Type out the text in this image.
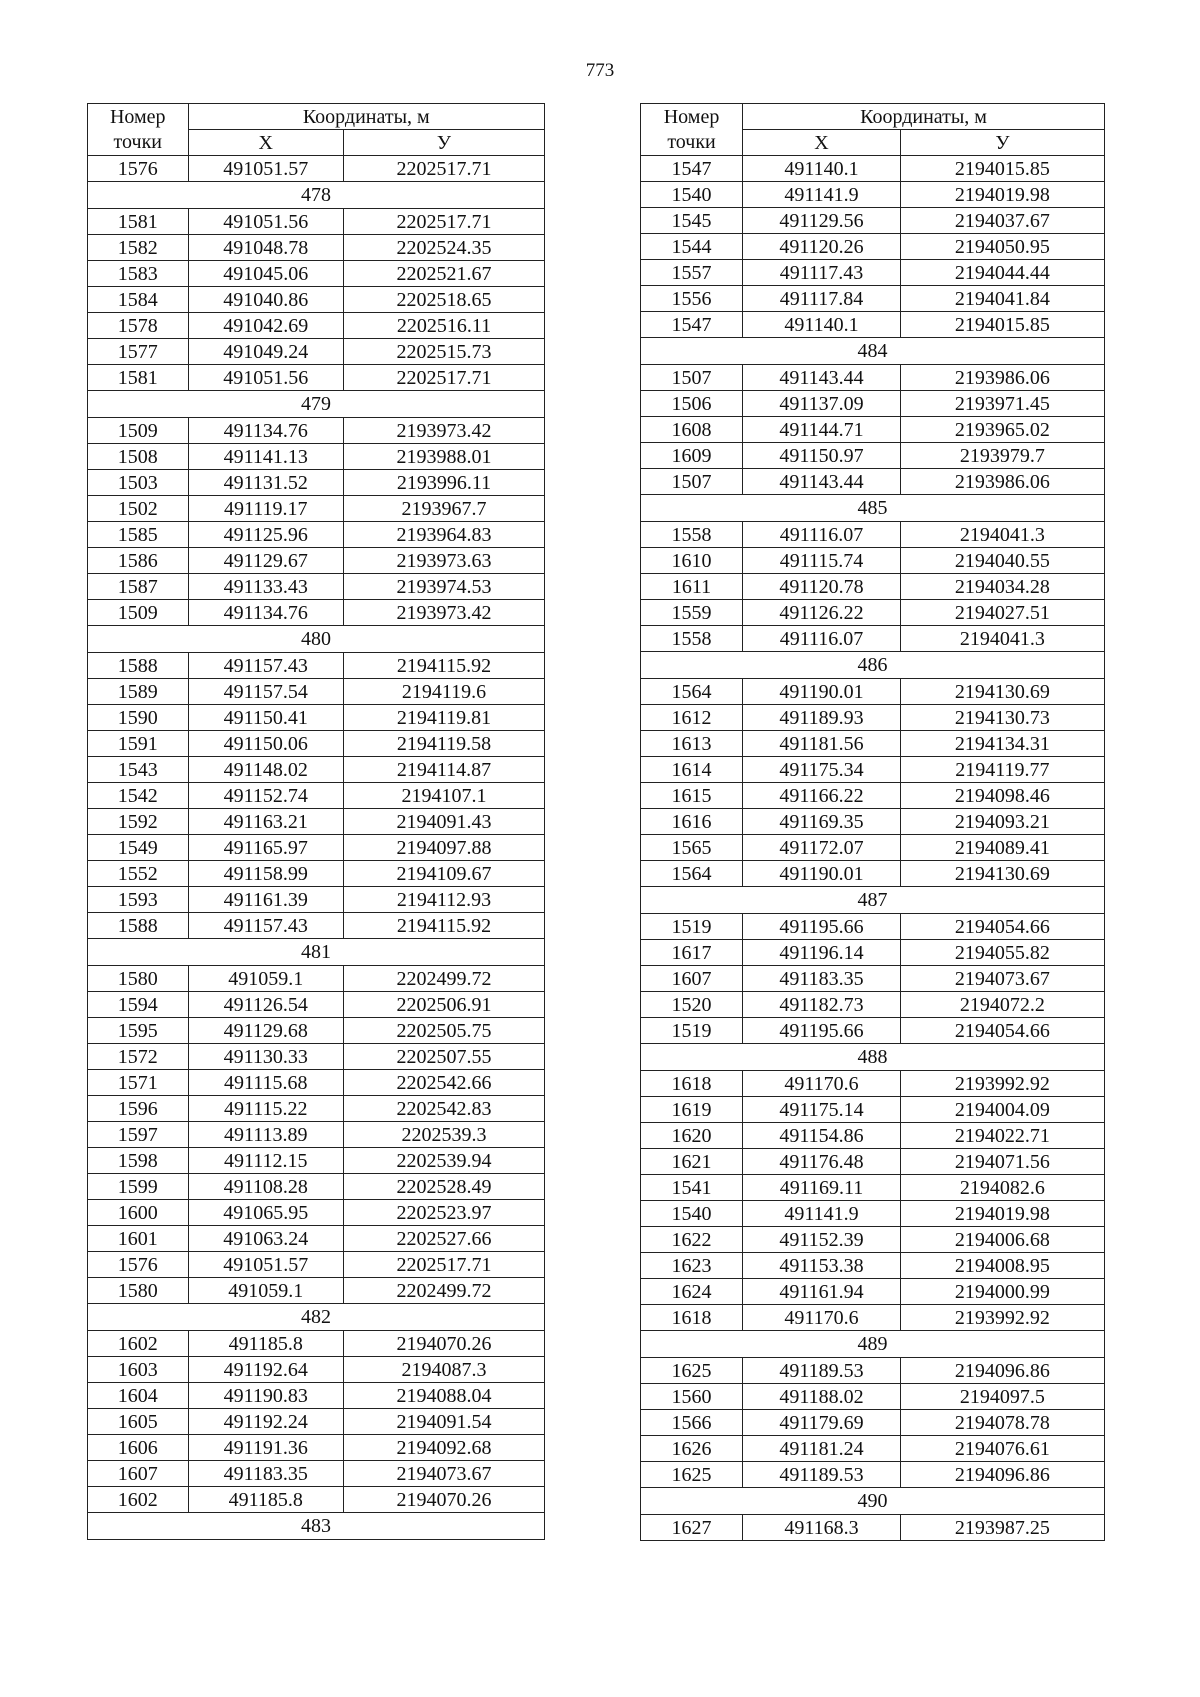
773
Номер	Координаты, м	
точки	X	У
1576	491051.57	2202517.71
478		
1581	491051.56	2202517.71
1582	491048.78	2202524.35
1583	491045.06	2202521.67
1584	491040.86	2202518.65
1578	491042.69	2202516.11
1577	491049.24	2202515.73
1581	491051.56	2202517.71
479		
1509	491134.76	2193973.42
1508	491141.13	2193988.01
1503	491131.52	2193996.11
1502	491119.17	2193967.7
1585	491125.96	2193964.83
1586	491129.67	2193973.63
1587	491133.43	2193974.53
1509	491134.76	2193973.42
480		
1588	491157.43	2194115.92
1589	491157.54	2194119.6
1590	491150.41	2194119.81
1591	491150.06	2194119.58
1543	491148.02	2194114.87
1542	491152.74	2194107.1
1592	491163.21	2194091.43
1549	491165.97	2194097.88
1552	491158.99	2194109.67
1593	491161.39	2194112.93
1588	491157.43	2194115.92
481		
1580	491059.1	2202499.72
1594	491126.54	2202506.91
1595	491129.68	2202505.75
1572	491130.33	2202507.55
1571	491115.68	2202542.66
1596	491115.22	2202542.83
1597	491113.89	2202539.3
1598	491112.15	2202539.94
1599	491108.28	2202528.49
1600	491065.95	2202523.97
1601	491063.24	2202527.66
1576	491051.57	2202517.71
1580	491059.1	2202499.72
482		
1602	491185.8	2194070.26
1603	491192.64	2194087.3
1604	491190.83	2194088.04
1605	491192.24	2194091.54
1606	491191.36	2194092.68
1607	491183.35	2194073.67
1602	491185.8	2194070.26
483		
Номер	Координаты, м	
точки	X	У
1547	491140.1	2194015.85
1540	491141.9	2194019.98
1545	491129.56	2194037.67
1544	491120.26	2194050.95
1557	491117.43	2194044.44
1556	491117.84	2194041.84
1547	491140.1	2194015.85
484		
1507	491143.44	2193986.06
1506	491137.09	2193971.45
1608	491144.71	2193965.02
1609	491150.97	2193979.7
1507	491143.44	2193986.06
485		
1558	491116.07	2194041.3
1610	491115.74	2194040.55
1611	491120.78	2194034.28
1559	491126.22	2194027.51
1558	491116.07	2194041.3
486		
1564	491190.01	2194130.69
1612	491189.93	2194130.73
1613	491181.56	2194134.31
1614	491175.34	2194119.77
1615	491166.22	2194098.46
1616	491169.35	2194093.21
1565	491172.07	2194089.41
1564	491190.01	2194130.69
487		
1519	491195.66	2194054.66
1617	491196.14	2194055.82
1607	491183.35	2194073.67
1520	491182.73	2194072.2
1519	491195.66	2194054.66
488		
1618	491170.6	2193992.92
1619	491175.14	2194004.09
1620	491154.86	2194022.71
1621	491176.48	2194071.56
1541	491169.11	2194082.6
1540	491141.9	2194019.98
1622	491152.39	2194006.68
1623	491153.38	2194008.95
1624	491161.94	2194000.99
1618	491170.6	2193992.92
489		
1625	491189.53	2194096.86
1560	491188.02	2194097.5
1566	491179.69	2194078.78
1626	491181.24	2194076.61
1625	491189.53	2194096.86
490		
1627	491168.3	2193987.25
